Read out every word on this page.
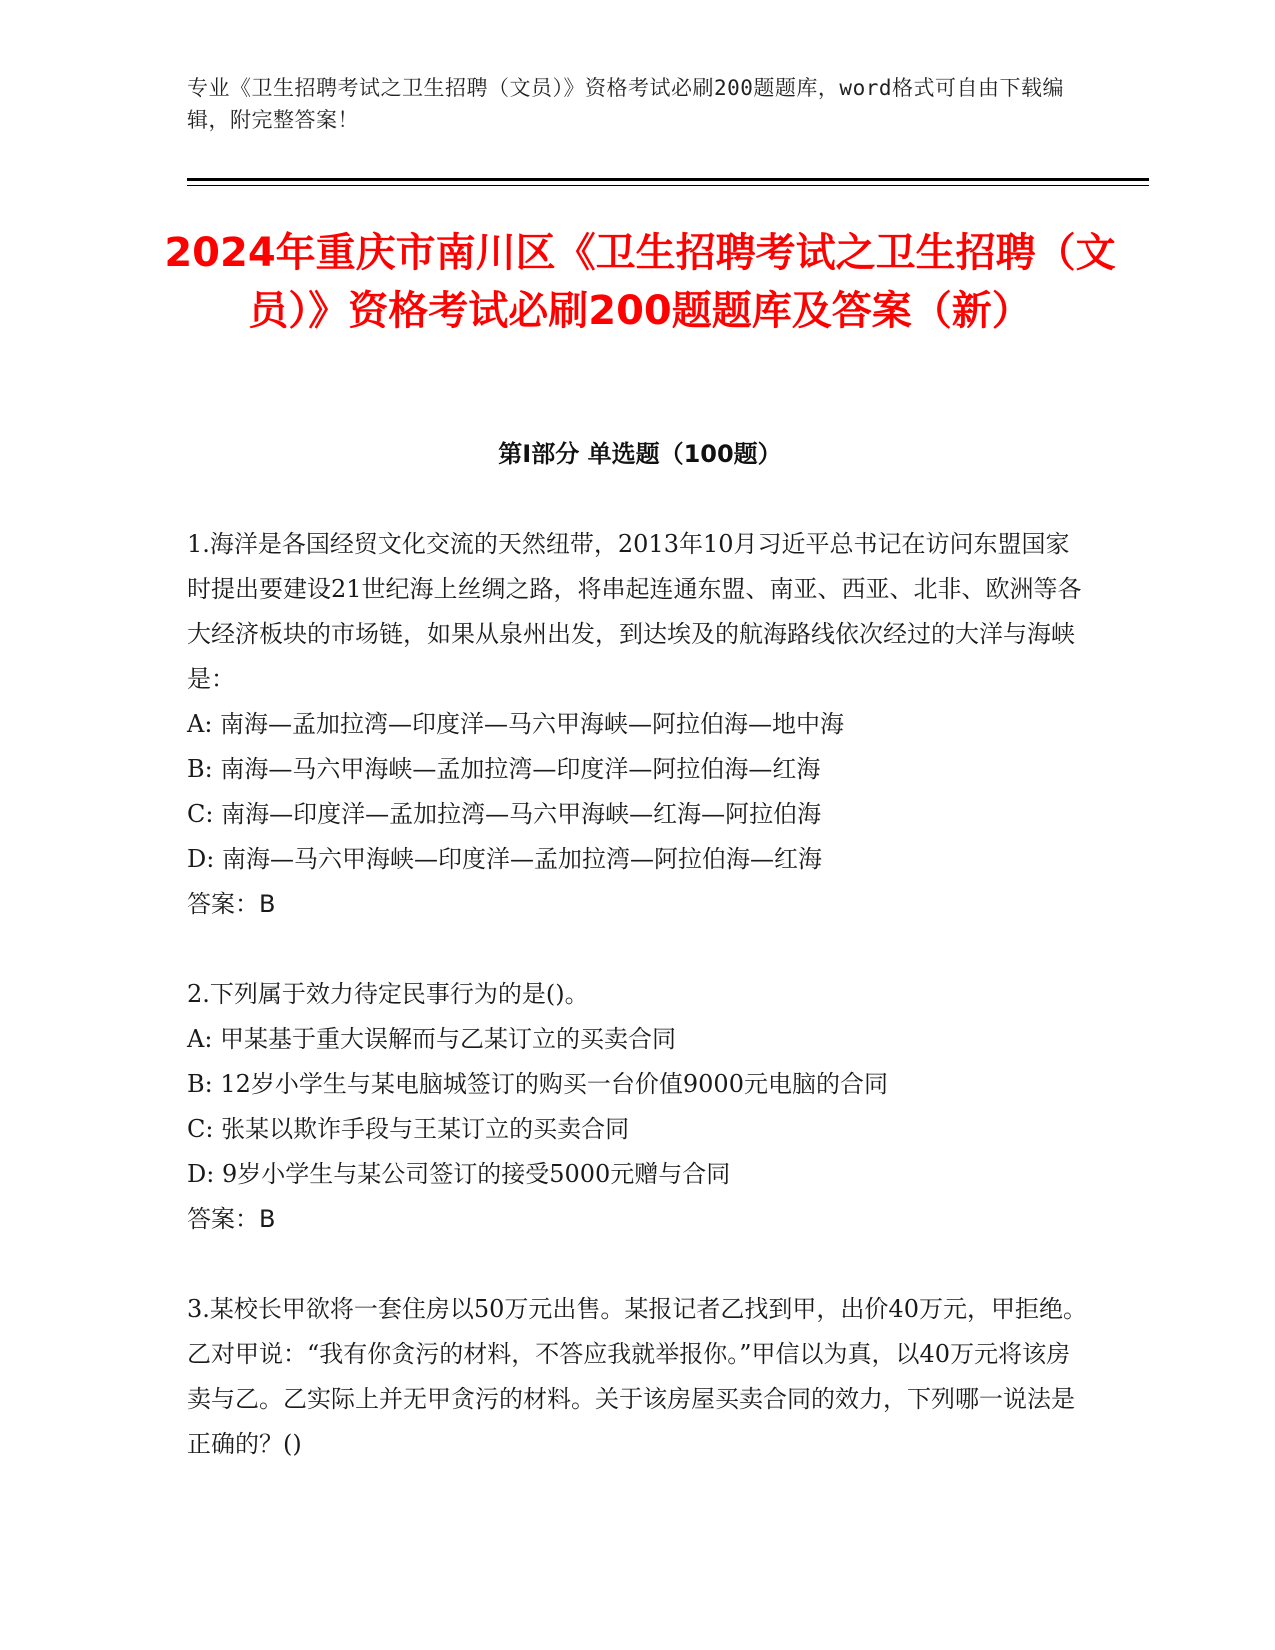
专业《卫生招聘考试之卫生招聘（文员）》资格考试必刷200题题库，word格式可自由下载编辑，附完整答案！
2024年重庆市南川区《卫生招聘考试之卫生招聘（文员）》资格考试必刷200题题库及答案（新）
第Ⅰ部分 单选题（100题）

1.海洋是各国经贸文化交流的天然纽带，2013年10月习近平总书记在访问东盟国家时提出要建设21世纪海上丝绸之路，将串起连通东盟、南亚、西亚、北非、欧洲等各大经济板块的市场链，如果从泉州出发，到达埃及的航海路线依次经过的大洋与海峡是：

A: 南海—孟加拉湾—印度洋—马六甲海峡—阿拉伯海—地中海

B: 南海—马六甲海峡—孟加拉湾—印度洋—阿拉伯海—红海

C: 南海—印度洋—孟加拉湾—马六甲海峡—红海—阿拉伯海

D: 南海—马六甲海峡—印度洋—孟加拉湾—阿拉伯海—红海

答案：B

2.下列属于效力待定民事行为的是()。

A: 甲某基于重大误解而与乙某订立的买卖合同

B: 12岁小学生与某电脑城签订的购买一台价值9000元电脑的合同

C: 张某以欺诈手段与王某订立的买卖合同

D: 9岁小学生与某公司签订的接受5000元赠与合同

答案：B

3.某校长甲欲将一套住房以50万元出售。某报记者乙找到甲，出价40万元，甲拒绝。乙对甲说：“我有你贪污的材料，不答应我就举报你。”甲信以为真，以40万元将该房卖与乙。乙实际上并无甲贪污的材料。关于该房屋买卖合同的效力，下列哪一说法是正确的？()
